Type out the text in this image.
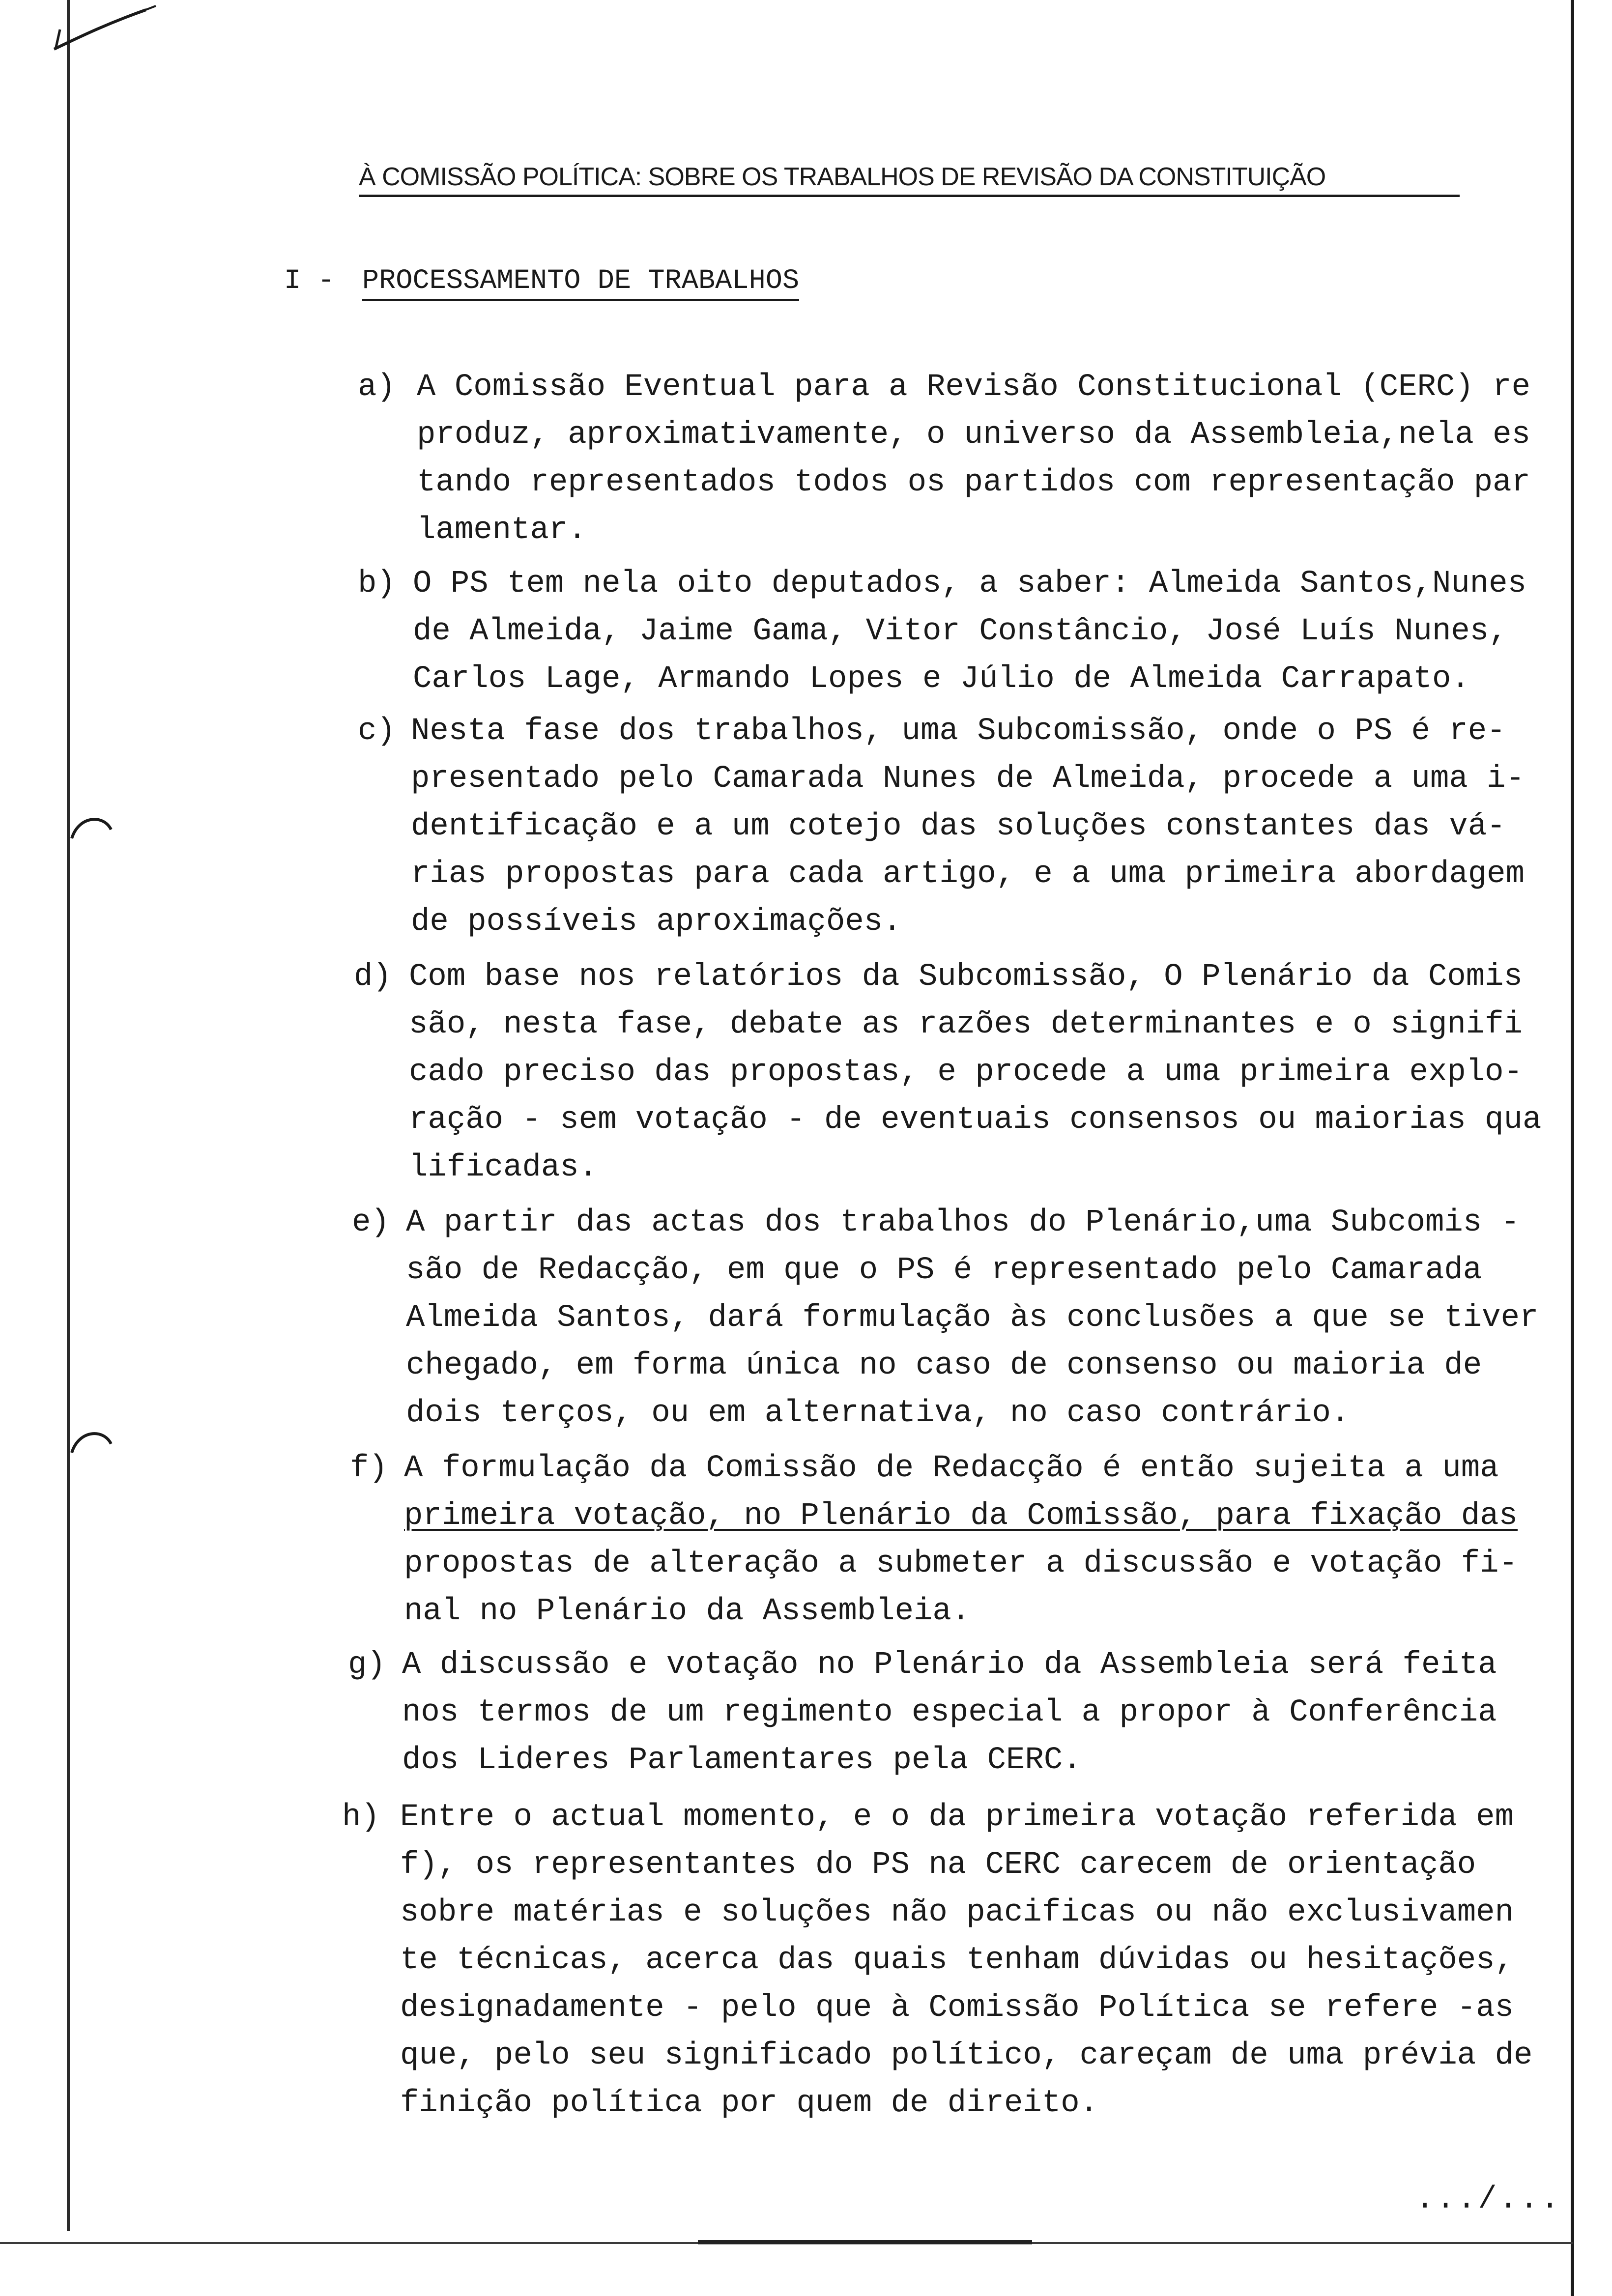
À COMISSÃO POLÍTICA: SOBRE OS TRABALHOS DE REVISÃO DA CONSTITUIÇÃO
I - PROCESSAMENTO DE TRABALHOS
a) A Comissão Eventual para a Revisão Constitucional (CERC) re
produz, aproximativamente, o universo da Assembleia,nela es
tando representados todos os partidos com representação par
lamentar.
b) O PS tem nela oito deputados, a saber: Almeida Santos,Nunes
de Almeida, Jaime Gama, Vitor Constâncio, José Luís Nunes,
Carlos Lage, Armando Lopes e Júlio de Almeida Carrapato.
c) Nesta fase dos trabalhos, uma Subcomissão, onde o PS é re-
presentado pelo Camarada Nunes de Almeida, procede a uma i-
dentificação e a um cotejo das soluções constantes das vá-
rias propostas para cada artigo, e a uma primeira abordagem
de possíveis aproximações.
d) Com base nos relatórios da Subcomissão, O Plenário da Comis
são, nesta fase, debate as razões determinantes e o signifi
cado preciso das propostas, e procede a uma primeira explo-
ração - sem votação - de eventuais consensos ou maiorias qua
lificadas.
e) A partir das actas dos trabalhos do Plenário,uma Subcomis -
são de Redacção, em que o PS é representado pelo Camarada
Almeida Santos, dará formulação às conclusões a que se tiver
chegado, em forma única no caso de consenso ou maioria de
dois terços, ou em alternativa, no caso contrário.
f) A formulação da Comissão de Redacção é então sujeita a uma
primeira votação, no Plenário da Comissão, para fixação das
propostas de alteração a submeter a discussão e votação fi-
nal no Plenário da Assembleia.
g) A discussão e votação no Plenário da Assembleia será feita
nos termos de um regimento especial a propor à Conferência
dos Lideres Parlamentares pela CERC.
h) Entre o actual momento, e o da primeira votação referida em
f), os representantes do PS na CERC carecem de orientação
sobre matérias e soluções não pacificas ou não exclusivamen
te técnicas, acerca das quais tenham dúvidas ou hesitações,
designadamente - pelo que à Comissão Política se refere -as
que, pelo seu significado político, careçam de uma prévia de
finição política por quem de direito.
.../...
